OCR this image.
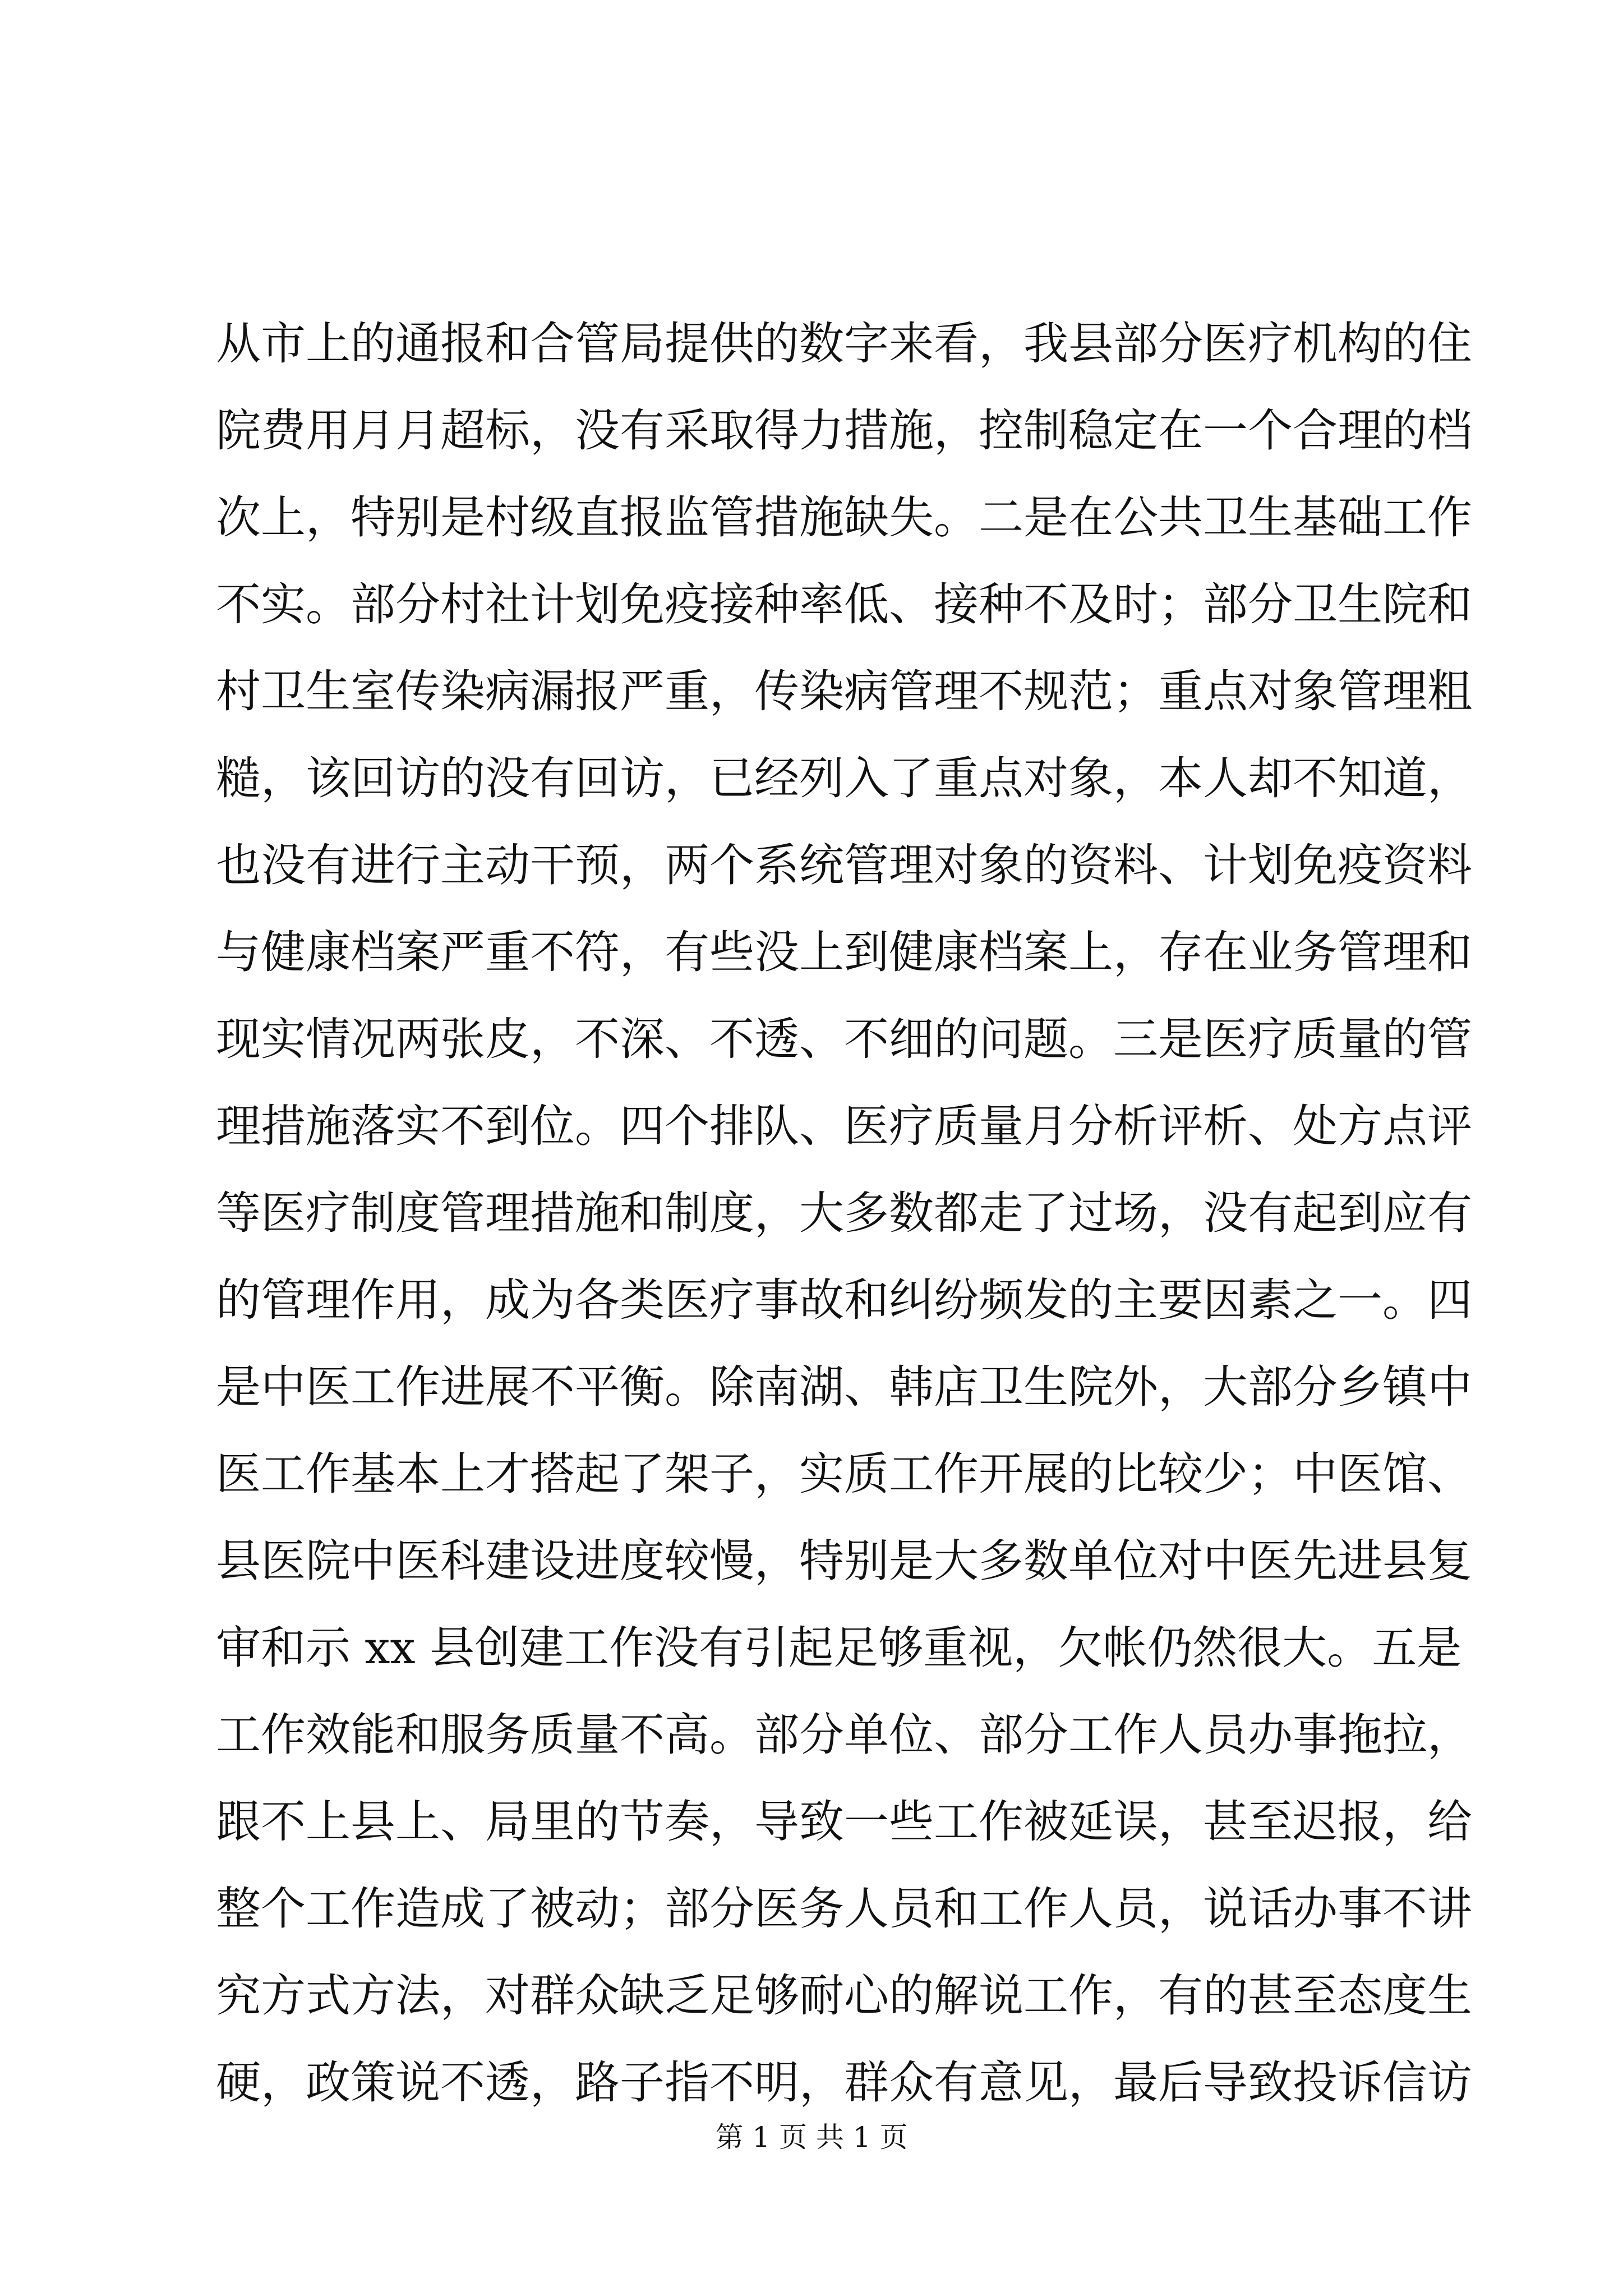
从市上的通报和合管局提供的数字来看，我县部分医疗机构的住
院费用月月超标，没有采取得力措施，控制稳定在一个合理的档
次上，特别是村级直报监管措施缺失。二是在公共卫生基础工作
不实。部分村社计划免疫接种率低、接种不及时；部分卫生院和
村卫生室传染病漏报严重，传染病管理不规范；重点对象管理粗
糙，该回访的没有回访，已经列入了重点对象，本人却不知道，
也没有进行主动干预，两个系统管理对象的资料、计划免疫资料
与健康档案严重不符，有些没上到健康档案上，存在业务管理和
现实情况两张皮，不深、不透、不细的问题。三是医疗质量的管
理措施落实不到位。四个排队、医疗质量月分析评析、处方点评
等医疗制度管理措施和制度，大多数都走了过场，没有起到应有
的管理作用，成为各类医疗事故和纠纷频发的主要因素之一。四
是中医工作进展不平衡。除南湖、韩店卫生院外，大部分乡镇中
医工作基本上才搭起了架子，实质工作开展的比较少；中医馆、
县医院中医科建设进度较慢，特别是大多数单位对中医先进县复
审和示 xx 县创建工作没有引起足够重视，欠帐仍然很大。五是
工作效能和服务质量不高。部分单位、部分工作人员办事拖拉，
跟不上县上、局里的节奏，导致一些工作被延误，甚至迟报，给
整个工作造成了被动；部分医务人员和工作人员，说话办事不讲
究方式方法，对群众缺乏足够耐心的解说工作，有的甚至态度生
硬，政策说不透，路子指不明，群众有意见，最后导致投诉信访
第 1 页 共 1 页
